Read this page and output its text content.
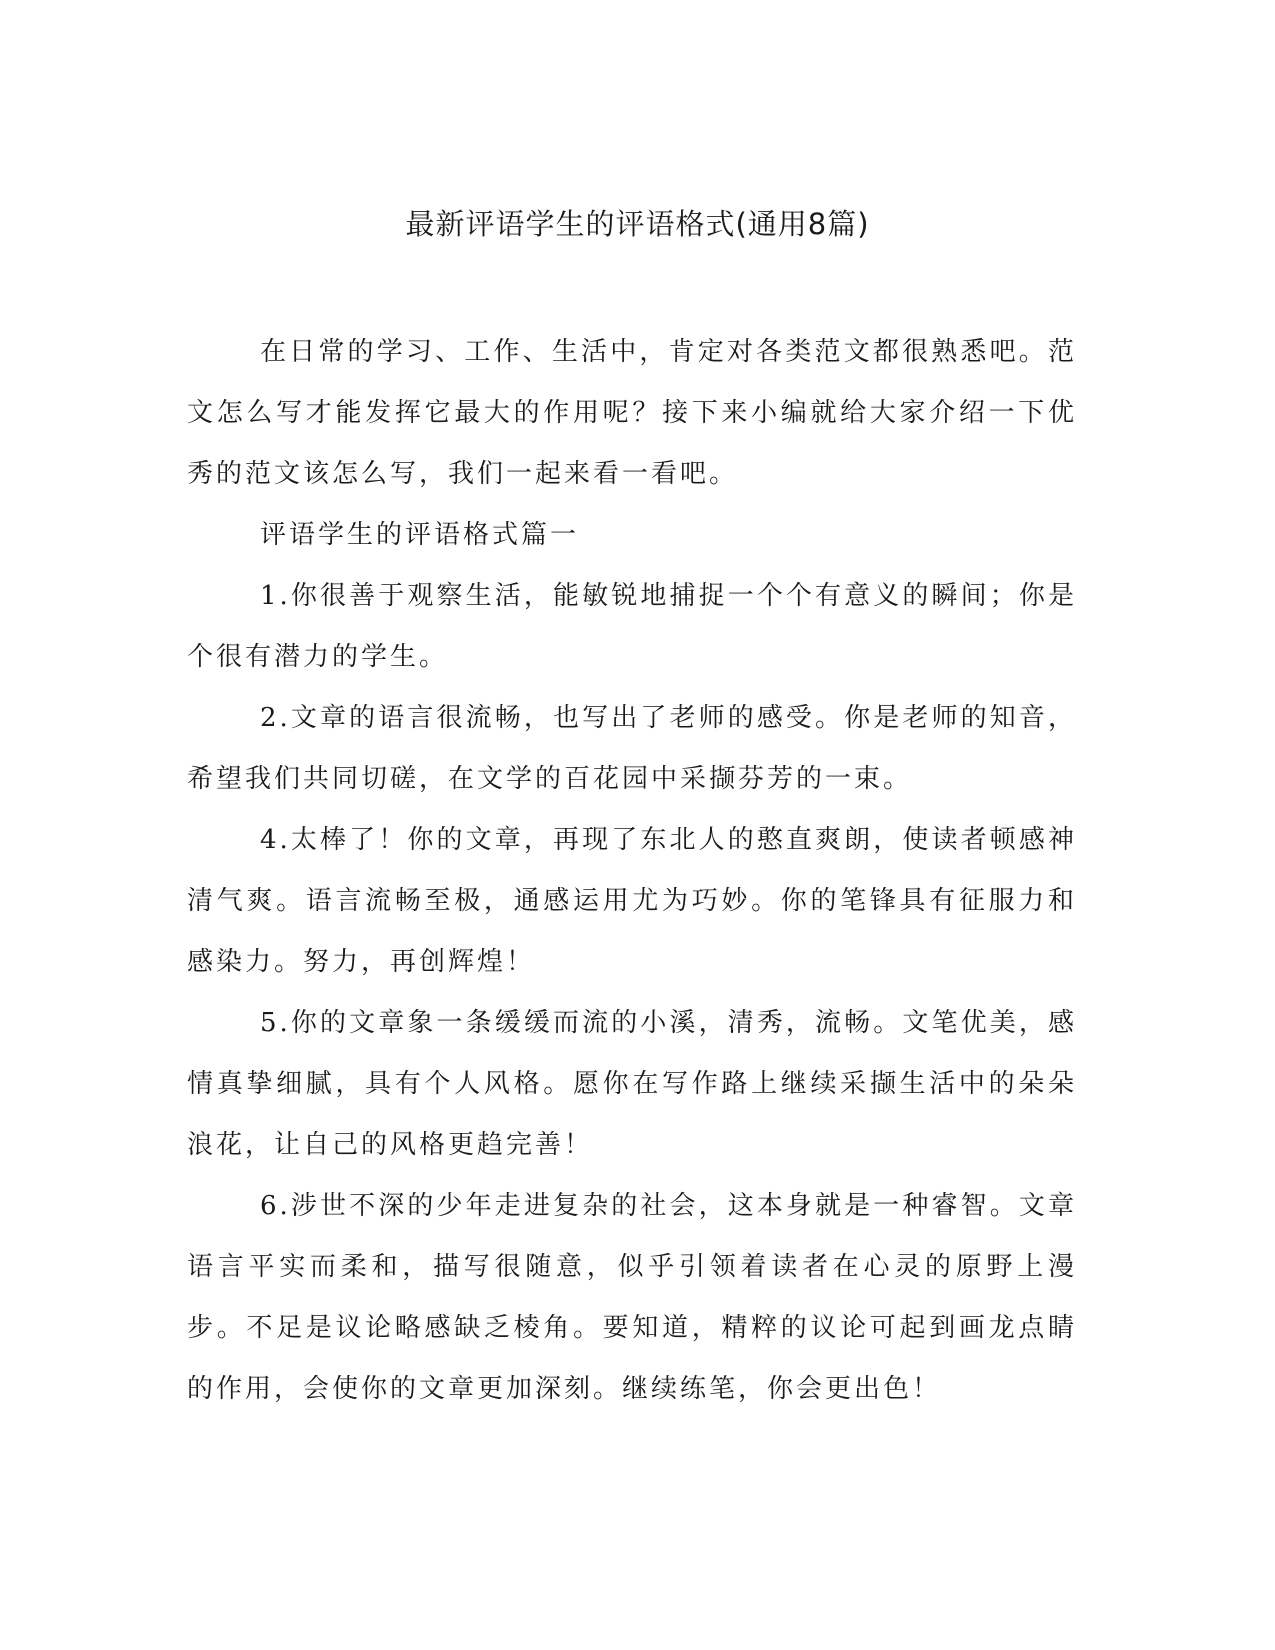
最新评语学生的评语格式(通用8篇)

在日常的学习、工作、生活中，肯定对各类范文都很熟悉吧。范文怎么写才能发挥它最大的作用呢？接下来小编就给大家介绍一下优秀的范文该怎么写，我们一起来看一看吧。

评语学生的评语格式篇一

1.你很善于观察生活，能敏锐地捕捉一个个有意义的瞬间；你是个很有潜力的学生。

2.文章的语言很流畅，也写出了老师的感受。你是老师的知音，希望我们共同切磋，在文学的百花园中采撷芬芳的一束。

4.太棒了！你的文章，再现了东北人的憨直爽朗，使读者顿感神清气爽。语言流畅至极，通感运用尤为巧妙。你的笔锋具有征服力和感染力。努力，再创辉煌！

5.你的文章象一条缓缓而流的小溪，清秀，流畅。文笔优美，感情真挚细腻，具有个人风格。愿你在写作路上继续采撷生活中的朵朵浪花，让自己的风格更趋完善！

6.涉世不深的少年走进复杂的社会，这本身就是一种睿智。文章语言平实而柔和，描写很随意，似乎引领着读者在心灵的原野上漫步。不足是议论略感缺乏棱角。要知道，精粹的议论可起到画龙点睛的作用，会使你的文章更加深刻。继续练笔，你会更出色！
